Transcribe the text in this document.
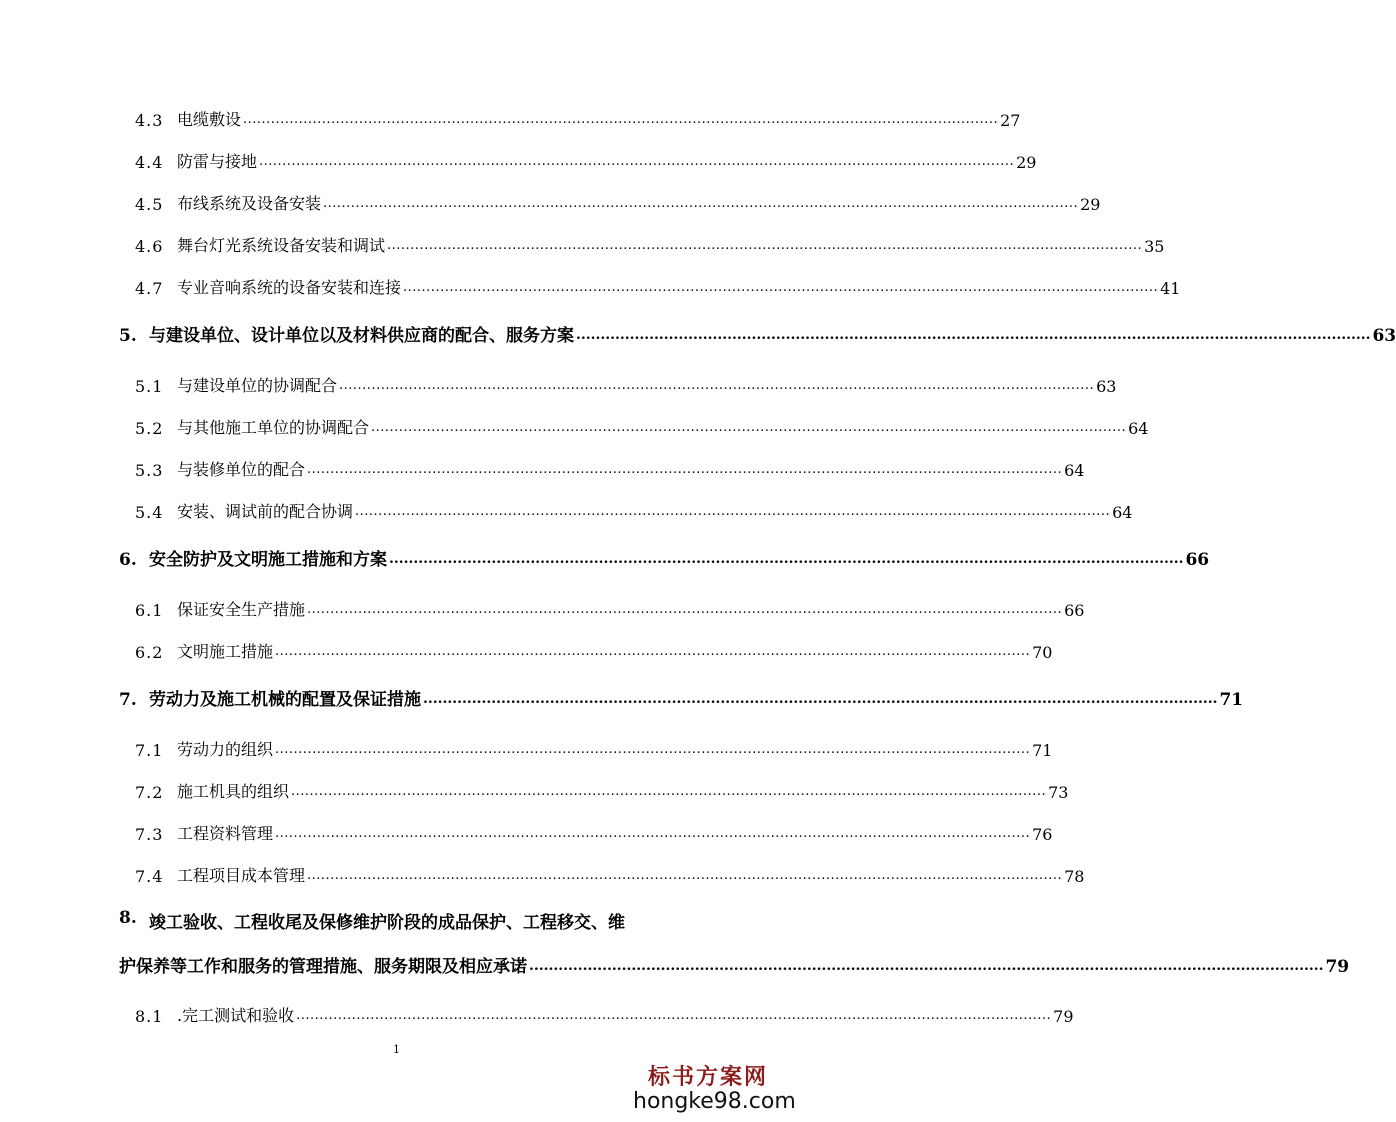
4.3 电缆敷设 ................................................................................................................................................................... 27
4.4 防雷与接地 ................................................................................................................................................................... 29
4.5 布线系统及设备安装 ................................................................................................................................................................... 29
4.6 舞台灯光系统设备安装和调试 ................................................................................................................................................................... 35
4.7 专业音响系统的设备安装和连接 ................................................................................................................................................................... 41
5. 与建设单位、设计单位以及材料供应商的配合、服务方案 ................................................................................................................................................................... 63
5.1 与建设单位的协调配合 ................................................................................................................................................................... 63
5.2 与其他施工单位的协调配合 ................................................................................................................................................................... 64
5.3 与装修单位的配合 ................................................................................................................................................................... 64
5.4 安装、调试前的配合协调 ................................................................................................................................................................... 64
6. 安全防护及文明施工措施和方案 ................................................................................................................................................................... 66
6.1 保证安全生产措施 ................................................................................................................................................................... 66
6.2 文明施工措施 ................................................................................................................................................................... 70
7. 劳动力及施工机械的配置及保证措施 ................................................................................................................................................................... 71
7.1 劳动力的组织 ................................................................................................................................................................... 71
7.2 施工机具的组织 ................................................................................................................................................................... 73
7.3 工程资料管理 ................................................................................................................................................................... 76
7.4 工程项目成本管理 ................................................................................................................................................................... 78
8. 竣工验收、工程收尾及保修维护阶段的成品保护、工程移交、维
护保养等工作和服务的管理措施、服务期限及相应承诺 ................................................................................................................................................................... 79
8.1 .完工测试和验收 ................................................................................................................................................................... 79
1
标书方案网
hongke98.com
